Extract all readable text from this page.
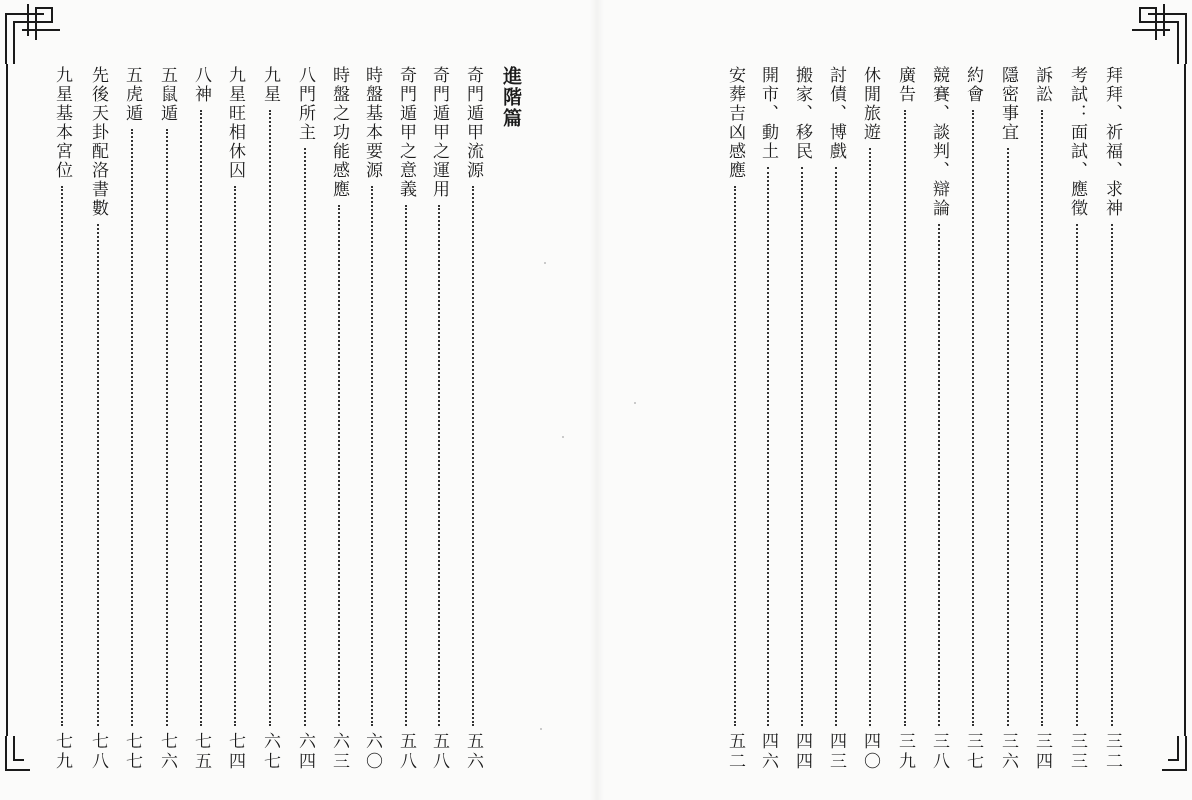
進階篇
奇門遁甲流源
五六
奇門遁甲之運用
五八
奇門遁甲之意義
五八
時盤基本要源
六〇
時盤之功能感應
六三
八門所主
六四
九星
六七
九星旺相休囚
七四
八神
七五
五鼠遁
七六
五虎遁
七七
先後天卦配洛書數
七八
九星基本宮位
七九
拜拜、祈福、求神
三二
考試：面試、應徵
三三
訴訟
三四
隱密事宜
三六
約會
三七
競賽、談判、辯論
三八
廣告
三九
休閒旅遊
四〇
討債、博戲
四三
搬家、移民
四四
開市、動土
四六
安葬吉凶感應
五二
